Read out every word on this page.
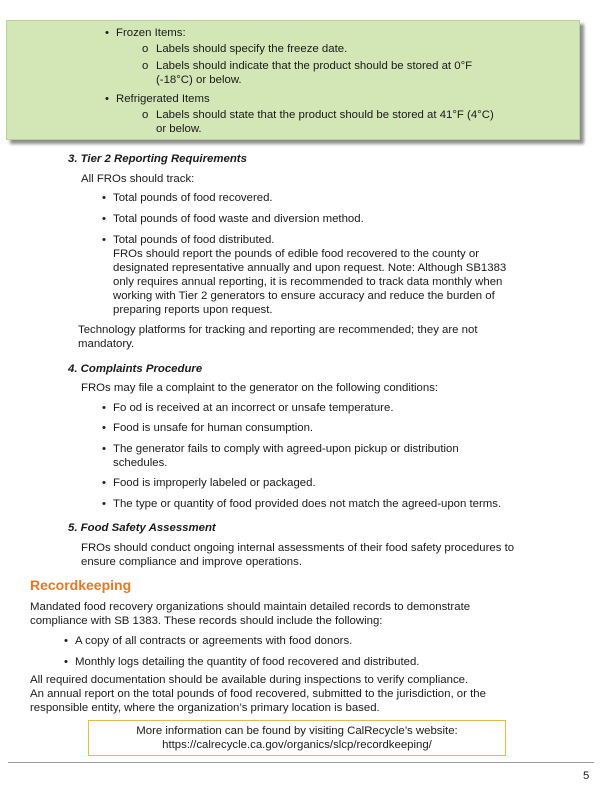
• Frozen Items:
o Labels should specify the freeze date.
o Labels should indicate that the product should be stored at 0°F
(-18°C) or below.
• Refrigerated Items
o Labels should state that the product should be stored at 41°F (4°C)
or below.
3. Tier 2 Reporting Requirements
All FROs should track:
• Total pounds of food recovered.
• Total pounds of food waste and diversion method.
• Total pounds of food distributed.
FROs should report the pounds of edible food recovered to the county or
designated representative annually and upon request. Note: Although SB1383
only requires annual reporting, it is recommended to track data monthly when
working with Tier 2 generators to ensure accuracy and reduce the burden of
preparing reports upon request.
Technology platforms for tracking and reporting are recommended; they are not
mandatory.
4. Complaints Procedure
FROs may file a complaint to the generator on the following conditions:
• Fo od is received at an incorrect or unsafe temperature.
• Food is unsafe for human consumption.
• The generator fails to comply with agreed-upon pickup or distribution
schedules.
• Food is improperly labeled or packaged.
• The type or quantity of food provided does not match the agreed-upon terms.
5. Food Safety Assessment
FROs should conduct ongoing internal assessments of their food safety procedures to
ensure compliance and improve operations.
Recordkeeping
Mandated food recovery organizations should maintain detailed records to demonstrate
compliance with SB 1383. These records should include the following:
• A copy of all contracts or agreements with food donors.
• Monthly logs detailing the quantity of food recovered and distributed.
All required documentation should be available during inspections to verify compliance.
An annual report on the total pounds of food recovered, submitted to the jurisdiction, or the
responsible entity, where the organization’s primary location is based.
More information can be found by visiting CalRecycle’s website:
https://calrecycle.ca.gov/organics/slcp/recordkeeping/
5
